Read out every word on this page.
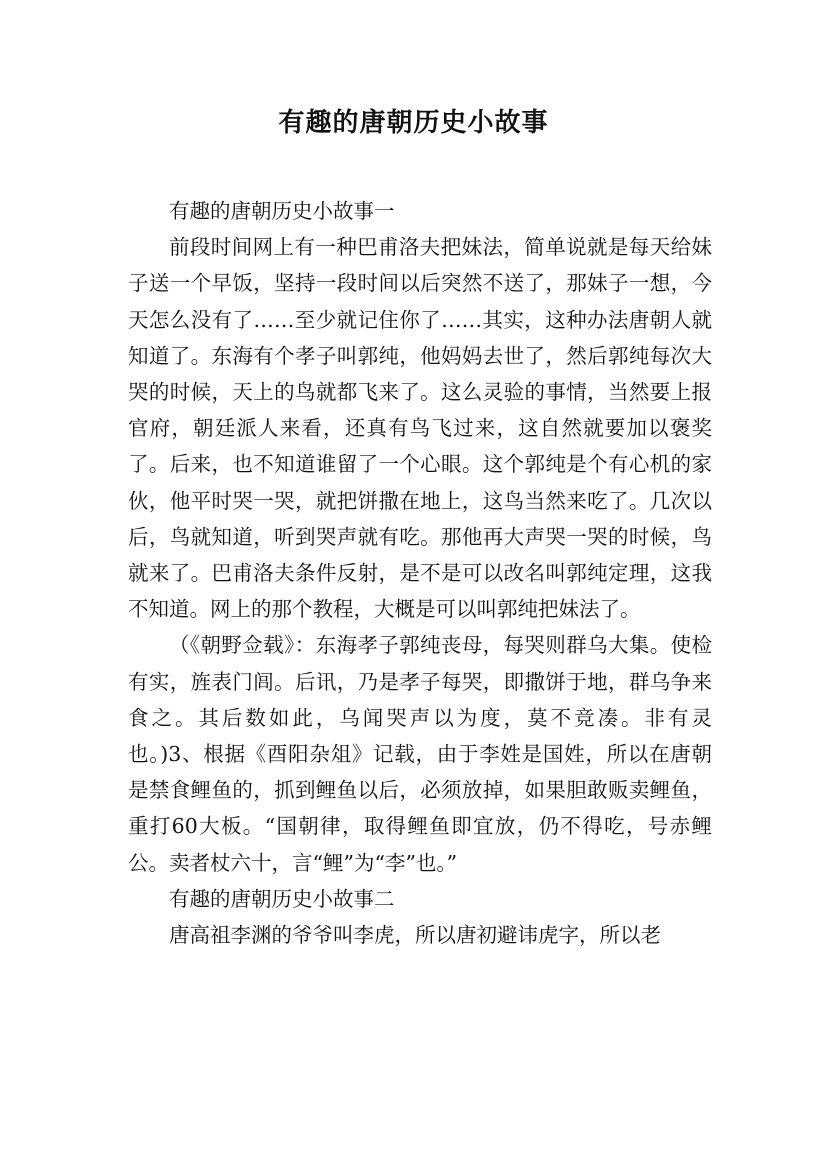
有趣的唐朝历史小故事

有趣的唐朝历史小故事一

前段时间网上有一种巴甫洛夫把妹法，简单说就是每天给妹子送一个早饭，坚持一段时间以后突然不送了，那妹子一想，今天怎么没有了……至少就记住你了……其实，这种办法唐朝人就知道了。东海有个孝子叫郭纯，他妈妈去世了，然后郭纯每次大哭的时候，天上的鸟就都飞来了。这么灵验的事情，当然要上报官府，朝廷派人来看，还真有鸟飞过来，这自然就要加以褒奖了。后来，也不知道谁留了一个心眼。这个郭纯是个有心机的家伙，他平时哭一哭，就把饼撒在地上，这鸟当然来吃了。几次以后，鸟就知道，听到哭声就有吃。那他再大声哭一哭的时候，鸟就来了。巴甫洛夫条件反射，是不是可以改名叫郭纯定理，这我不知道。网上的那个教程，大概是可以叫郭纯把妹法了。

（《朝野佥载》：东海孝子郭纯丧母，每哭则群乌大集。使检有实，旌表门闾。后讯，乃是孝子每哭，即撒饼于地，群乌争来食之。其后数如此，乌闻哭声以为度，莫不竞凑。非有灵也。)3、根据《酉阳杂俎》记载，由于李姓是国姓，所以在唐朝是禁食鲤鱼的，抓到鲤鱼以后，必须放掉，如果胆敢贩卖鲤鱼，重打60大板。“国朝律，取得鲤鱼即宜放，仍不得吃，号赤鲤公。卖者杖六十，言“鲤”为“李”也。”

有趣的唐朝历史小故事二

唐高祖李渊的爷爷叫李虎，所以唐初避讳虎字，所以老
